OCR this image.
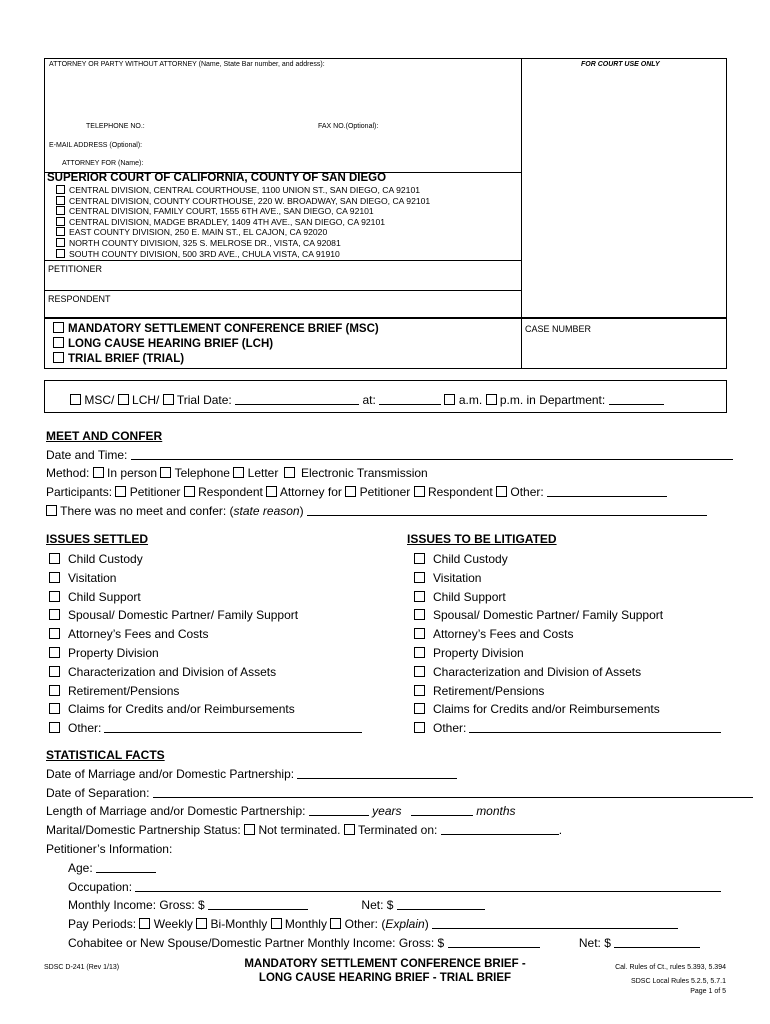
ATTORNEY OR PARTY WITHOUT ATTORNEY (Name, State Bar number, and address):	FOR COURT USE ONLY
TELEPHONE NO.:	FAX NO.(Optional):
E-MAIL ADDRESS (Optional):
ATTORNEY FOR (Name):
SUPERIOR COURT OF CALIFORNIA, COUNTY OF SAN DIEGO
CENTRAL DIVISION, CENTRAL COURTHOUSE, 1100 UNION ST., SAN DIEGO, CA 92101
CENTRAL DIVISION, COUNTY COURTHOUSE, 220 W. BROADWAY, SAN DIEGO, CA 92101
CENTRAL DIVISION, FAMILY COURT, 1555 6TH AVE., SAN DIEGO, CA 92101
CENTRAL DIVISION, MADGE BRADLEY, 1409 4TH AVE., SAN DIEGO, CA 92101
EAST COUNTY DIVISION, 250 E. MAIN ST., EL CAJON, CA 92020
NORTH COUNTY DIVISION, 325 S. MELROSE DR., VISTA, CA 92081
SOUTH COUNTY DIVISION, 500 3RD AVE., CHULA VISTA, CA 91910
PETITIONER
RESPONDENT
MANDATORY SETTLEMENT CONFERENCE BRIEF (MSC)
LONG CAUSE HEARING BRIEF (LCH)
TRIAL BRIEF (TRIAL)
CASE NUMBER
MSC/ LCH/ Trial Date:	at:	a.m. p.m. in Department:
MEET AND CONFER
Date and Time:
Method: In person Telephone Letter Electronic Transmission
Participants: Petitioner Respondent Attorney for Petitioner Respondent Other:
There was no meet and confer: (state reason)
ISSUES SETTLED	ISSUES TO BE LITIGATED
Child Custody
Visitation
Child Support
Spousal/ Domestic Partner/ Family Support
Attorney’s Fees and Costs
Property Division
Characterization and Division of Assets
Retirement/Pensions
Claims for Credits and/or Reimbursements
Other:
Child Custody
Visitation
Child Support
Spousal/ Domestic Partner/ Family Support
Attorney’s Fees and Costs
Property Division
Characterization and Division of Assets
Retirement/Pensions
Claims for Credits and/or Reimbursements
Other:
STATISTICAL FACTS
Date of Marriage and/or Domestic Partnership:
Date of Separation:
Length of Marriage and/or Domestic Partnership:	years	months
Marital/Domestic Partnership Status: Not terminated. Terminated on:	.
Petitioner’s Information:
Age:
Occupation:
Monthly Income: Gross: $	Net: $
Pay Periods: Weekly Bi-Monthly Monthly Other: (Explain)
Cohabitee or New Spouse/Domestic Partner Monthly Income: Gross: $	Net: $
SDSC D-241 (Rev 1/13)	MANDATORY SETTLEMENT CONFERENCE BRIEF -
LONG CAUSE HEARING BRIEF - TRIAL BRIEF
Cal. Rules of Ct., rules 5.393, 5.394
SDSC Local Rules 5.2.5, 5.7.1
Page 1 of 5
